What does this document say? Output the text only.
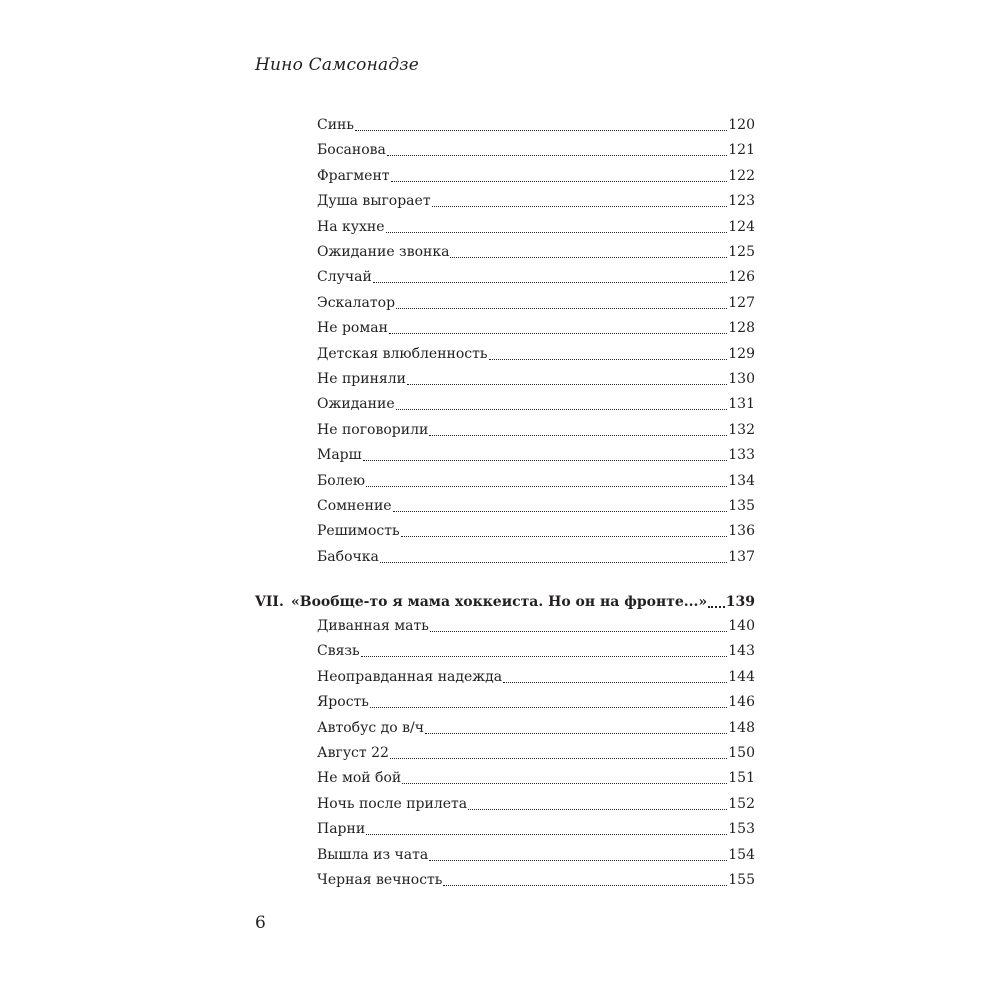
Нино Самсонадзе
Синь	120
Босанова	121
Фрагмент	122
Душа выгорает	123
На кухне	124
Ожидание звонка	125
Случай	126
Эскалатор	127
Не роман	128
Детская влюбленность	129
Не приняли	130
Ожидание	131
Не поговорили	132
Марш	133
Болею	134
Сомнение	135
Решимость	136
Бабочка	137
VII. «Вообще-то я мама хоккеиста. Но он на фронте...» 139
Диванная мать	140
Связь	143
Неоправданная надежда	144
Ярость	146
Автобус до в/ч	148
Август 22	150
Не мой бой	151
Ночь после прилета	152
Парни	153
Вышла из чата	154
Черная вечность	155
6
